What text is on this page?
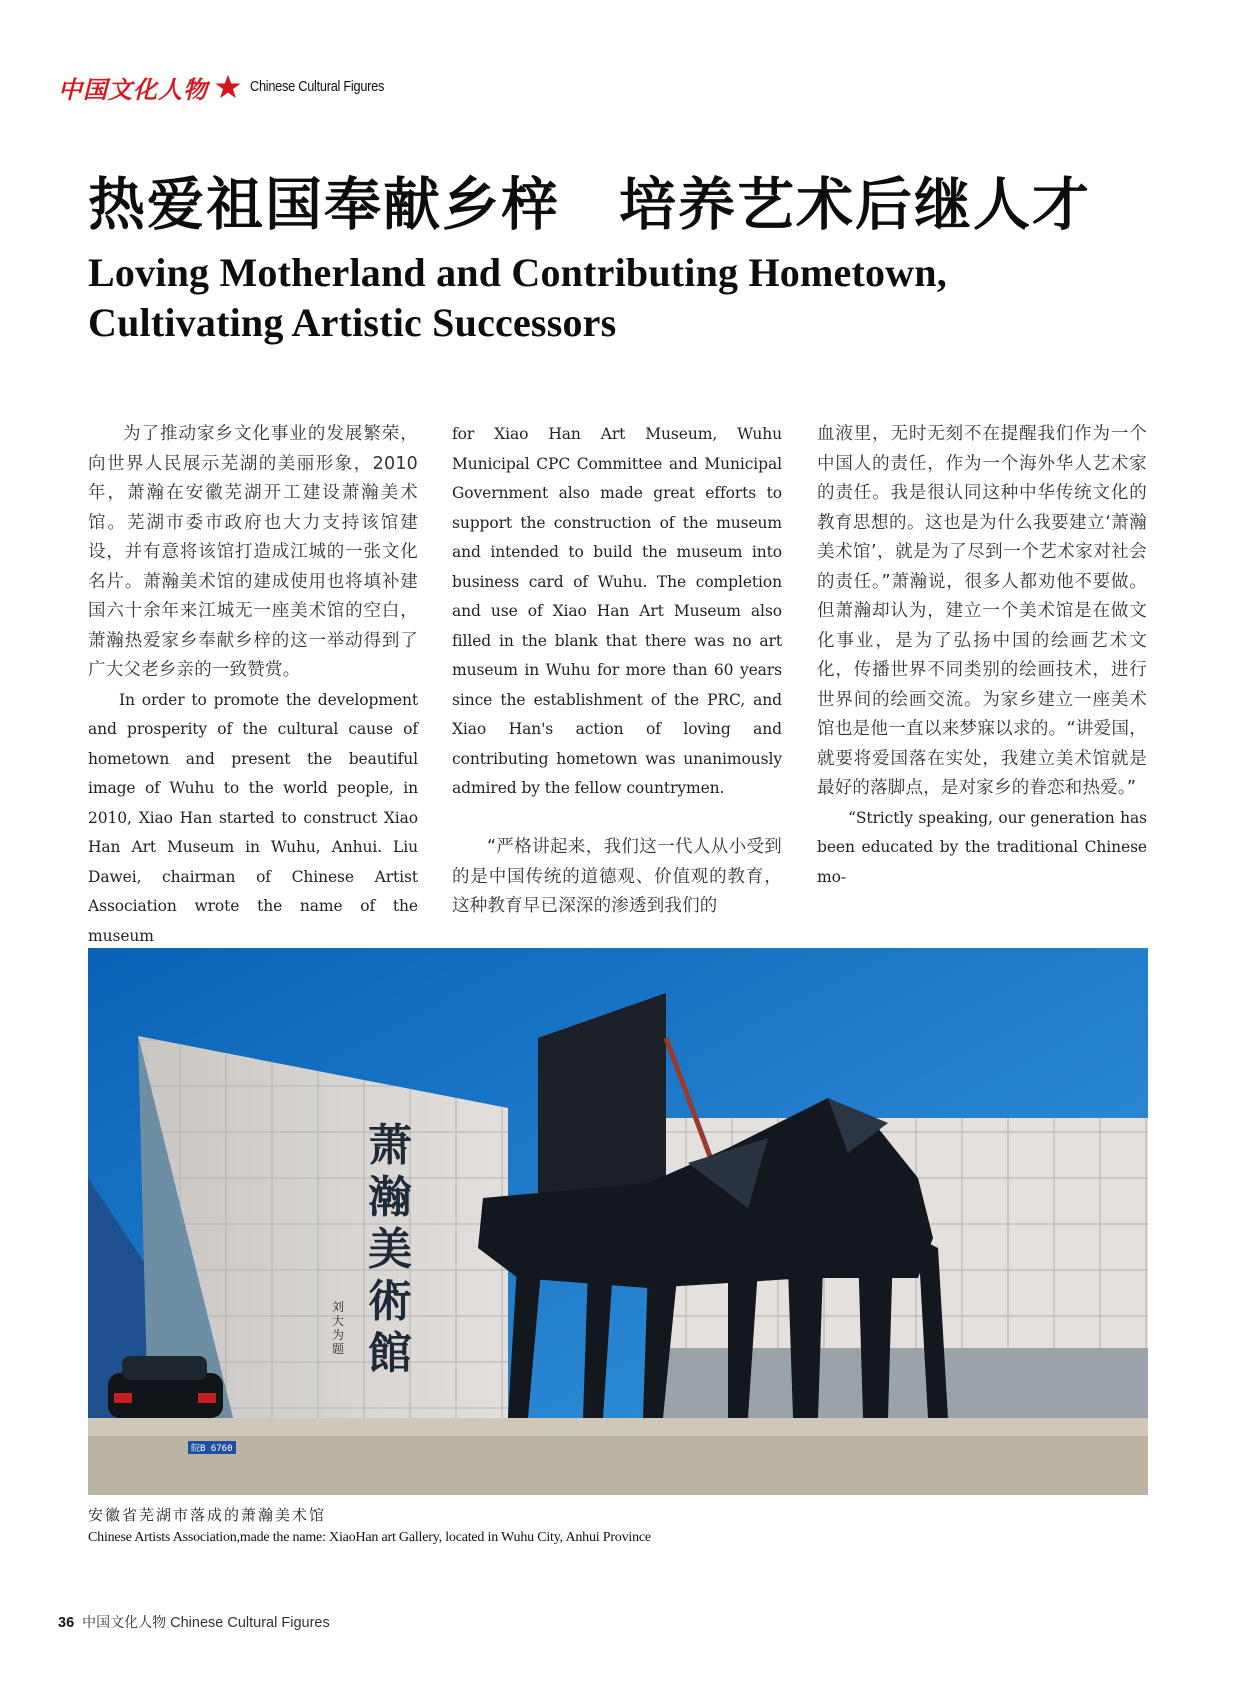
中国文化人物	Chinese Cultural Figures
热爱祖国奉献乡梓　培养艺术后继人才
Loving Motherland and Contributing Hometown,
Cultivating Artistic Successors

为了推动家乡文化事业的发展繁荣，向世界人民展示芜湖的美丽形象，2010年，萧瀚在安徽芜湖开工建设萧瀚美术馆。芜湖市委市政府也大力支持该馆建设，并有意将该馆打造成江城的一张文化名片。萧瀚美术馆的建成使用也将填补建国六十余年来江城无一座美术馆的空白，萧瀚热爱家乡奉献乡梓的这一举动得到了广大父老乡亲的一致赞赏。

In order to promote the development and prosperity of the cultural cause of hometown and present the beautiful image of Wuhu to the world people, in 2010, Xiao Han started to construct Xiao Han Art Museum in Wuhu, Anhui. Liu Dawei, chairman of Chinese Artist Association wrote the name of the museum

for Xiao Han Art Museum, Wuhu Municipal CPC Committee and Municipal Government also made great efforts to support the construction of the museum and intended to build the museum into business card of Wuhu. The completion and use of Xiao Han Art Museum also filled in the blank that there was no art museum in Wuhu for more than 60 years since the establishment of the PRC, and Xiao Han's action of loving and contributing hometown was unanimously admired by the fellow countrymen.

“严格讲起来，我们这一代人从小受到的是中国传统的道德观、价值观的教育，这种教育早已深深的渗透到我们的

血液里，无时无刻不在提醒我们作为一个中国人的责任，作为一个海外华人艺术家的责任。我是很认同这种中华传统文化的教育思想的。这也是为什么我要建立‘萧瀚美术馆’，就是为了尽到一个艺术家对社会的责任。”萧瀚说，很多人都劝他不要做。但萧瀚却认为，建立一个美术馆是在做文化事业，是为了弘扬中国的绘画艺术文化，传播世界不同类别的绘画技术，进行世界间的绘画交流。为家乡建立一座美术馆也是他一直以来梦寐以求的。“讲爱国，就要将爱国落在实处，我建立美术馆就是最好的落脚点，是对家乡的眷恋和热爱。”

“Strictly speaking, our generation has been educated by the traditional Chinese mo-

萧
瀚
美
術
館
刘
大
为
题
皖B 6760
安徽省芜湖市落成的萧瀚美术馆
Chinese Artists Association,made the name: XiaoHan art Gallery, located in Wuhu City, Anhui Province
36 中国文化人物 Chinese Cultural Figures
